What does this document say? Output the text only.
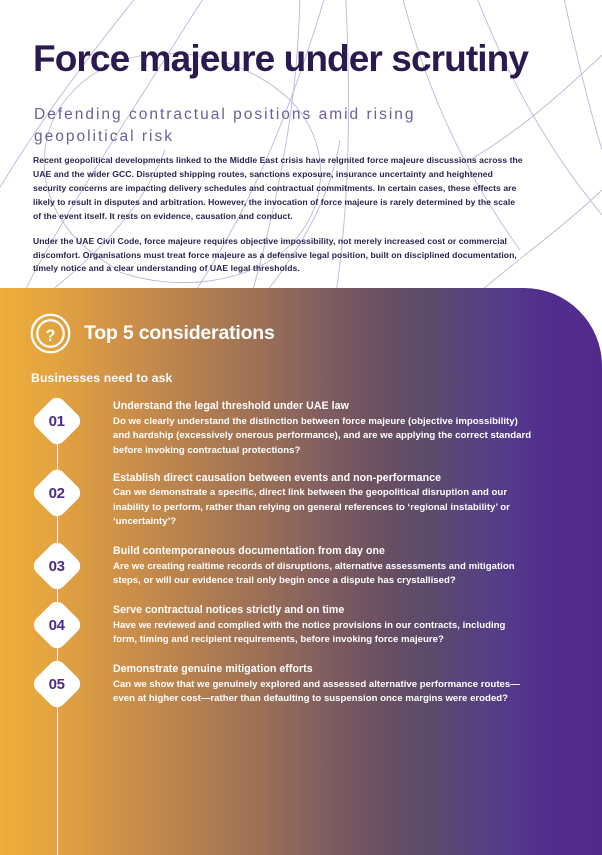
Force majeure under scrutiny
Defending contractual positions amid rising geopolitical risk

Recent geopolitical developments linked to the Middle East crisis have reignited force majeure discussions across the UAE and the wider GCC. Disrupted shipping routes, sanctions exposure, insurance uncertainty and heightened security concerns are impacting delivery schedules and contractual commitments. In certain cases, these effects are likely to result in disputes and arbitration. However, the invocation of force majeure is rarely determined by the scale of the event itself. It rests on evidence, causation and conduct.

Under the UAE Civil Code, force majeure requires objective impossibility, not merely increased cost or commercial discomfort. Organisations must treat force majeure as a defensive legal position, built on disciplined documentation, timely notice and a clear understanding of UAE legal thresholds.

? Top 5 considerations
Businesses need to ask
01

Understand the legal threshold under UAE law

Do we clearly understand the distinction between force majeure (objective impossibility) and hardship (excessively onerous performance), and are we applying the correct standard before invoking contractual protections?

02

Establish direct causation between events and non-performance

Can we demonstrate a specific, direct link between the geopolitical disruption and our inability to perform, rather than relying on general references to ‘regional instability’ or ‘uncertainty’?

03

Build contemporaneous documentation from day one

Are we creating realtime records of disruptions, alternative assessments and mitigation steps, or will our evidence trail only begin once a dispute has crystallised?

04

Serve contractual notices strictly and on time

Have we reviewed and complied with the notice provisions in our contracts, including form, timing and recipient requirements, before invoking force majeure?

05

Demonstrate genuine mitigation efforts

Can we show that we genuinely explored and assessed alternative performance routes—even at higher cost—rather than defaulting to suspension once margins were eroded?
